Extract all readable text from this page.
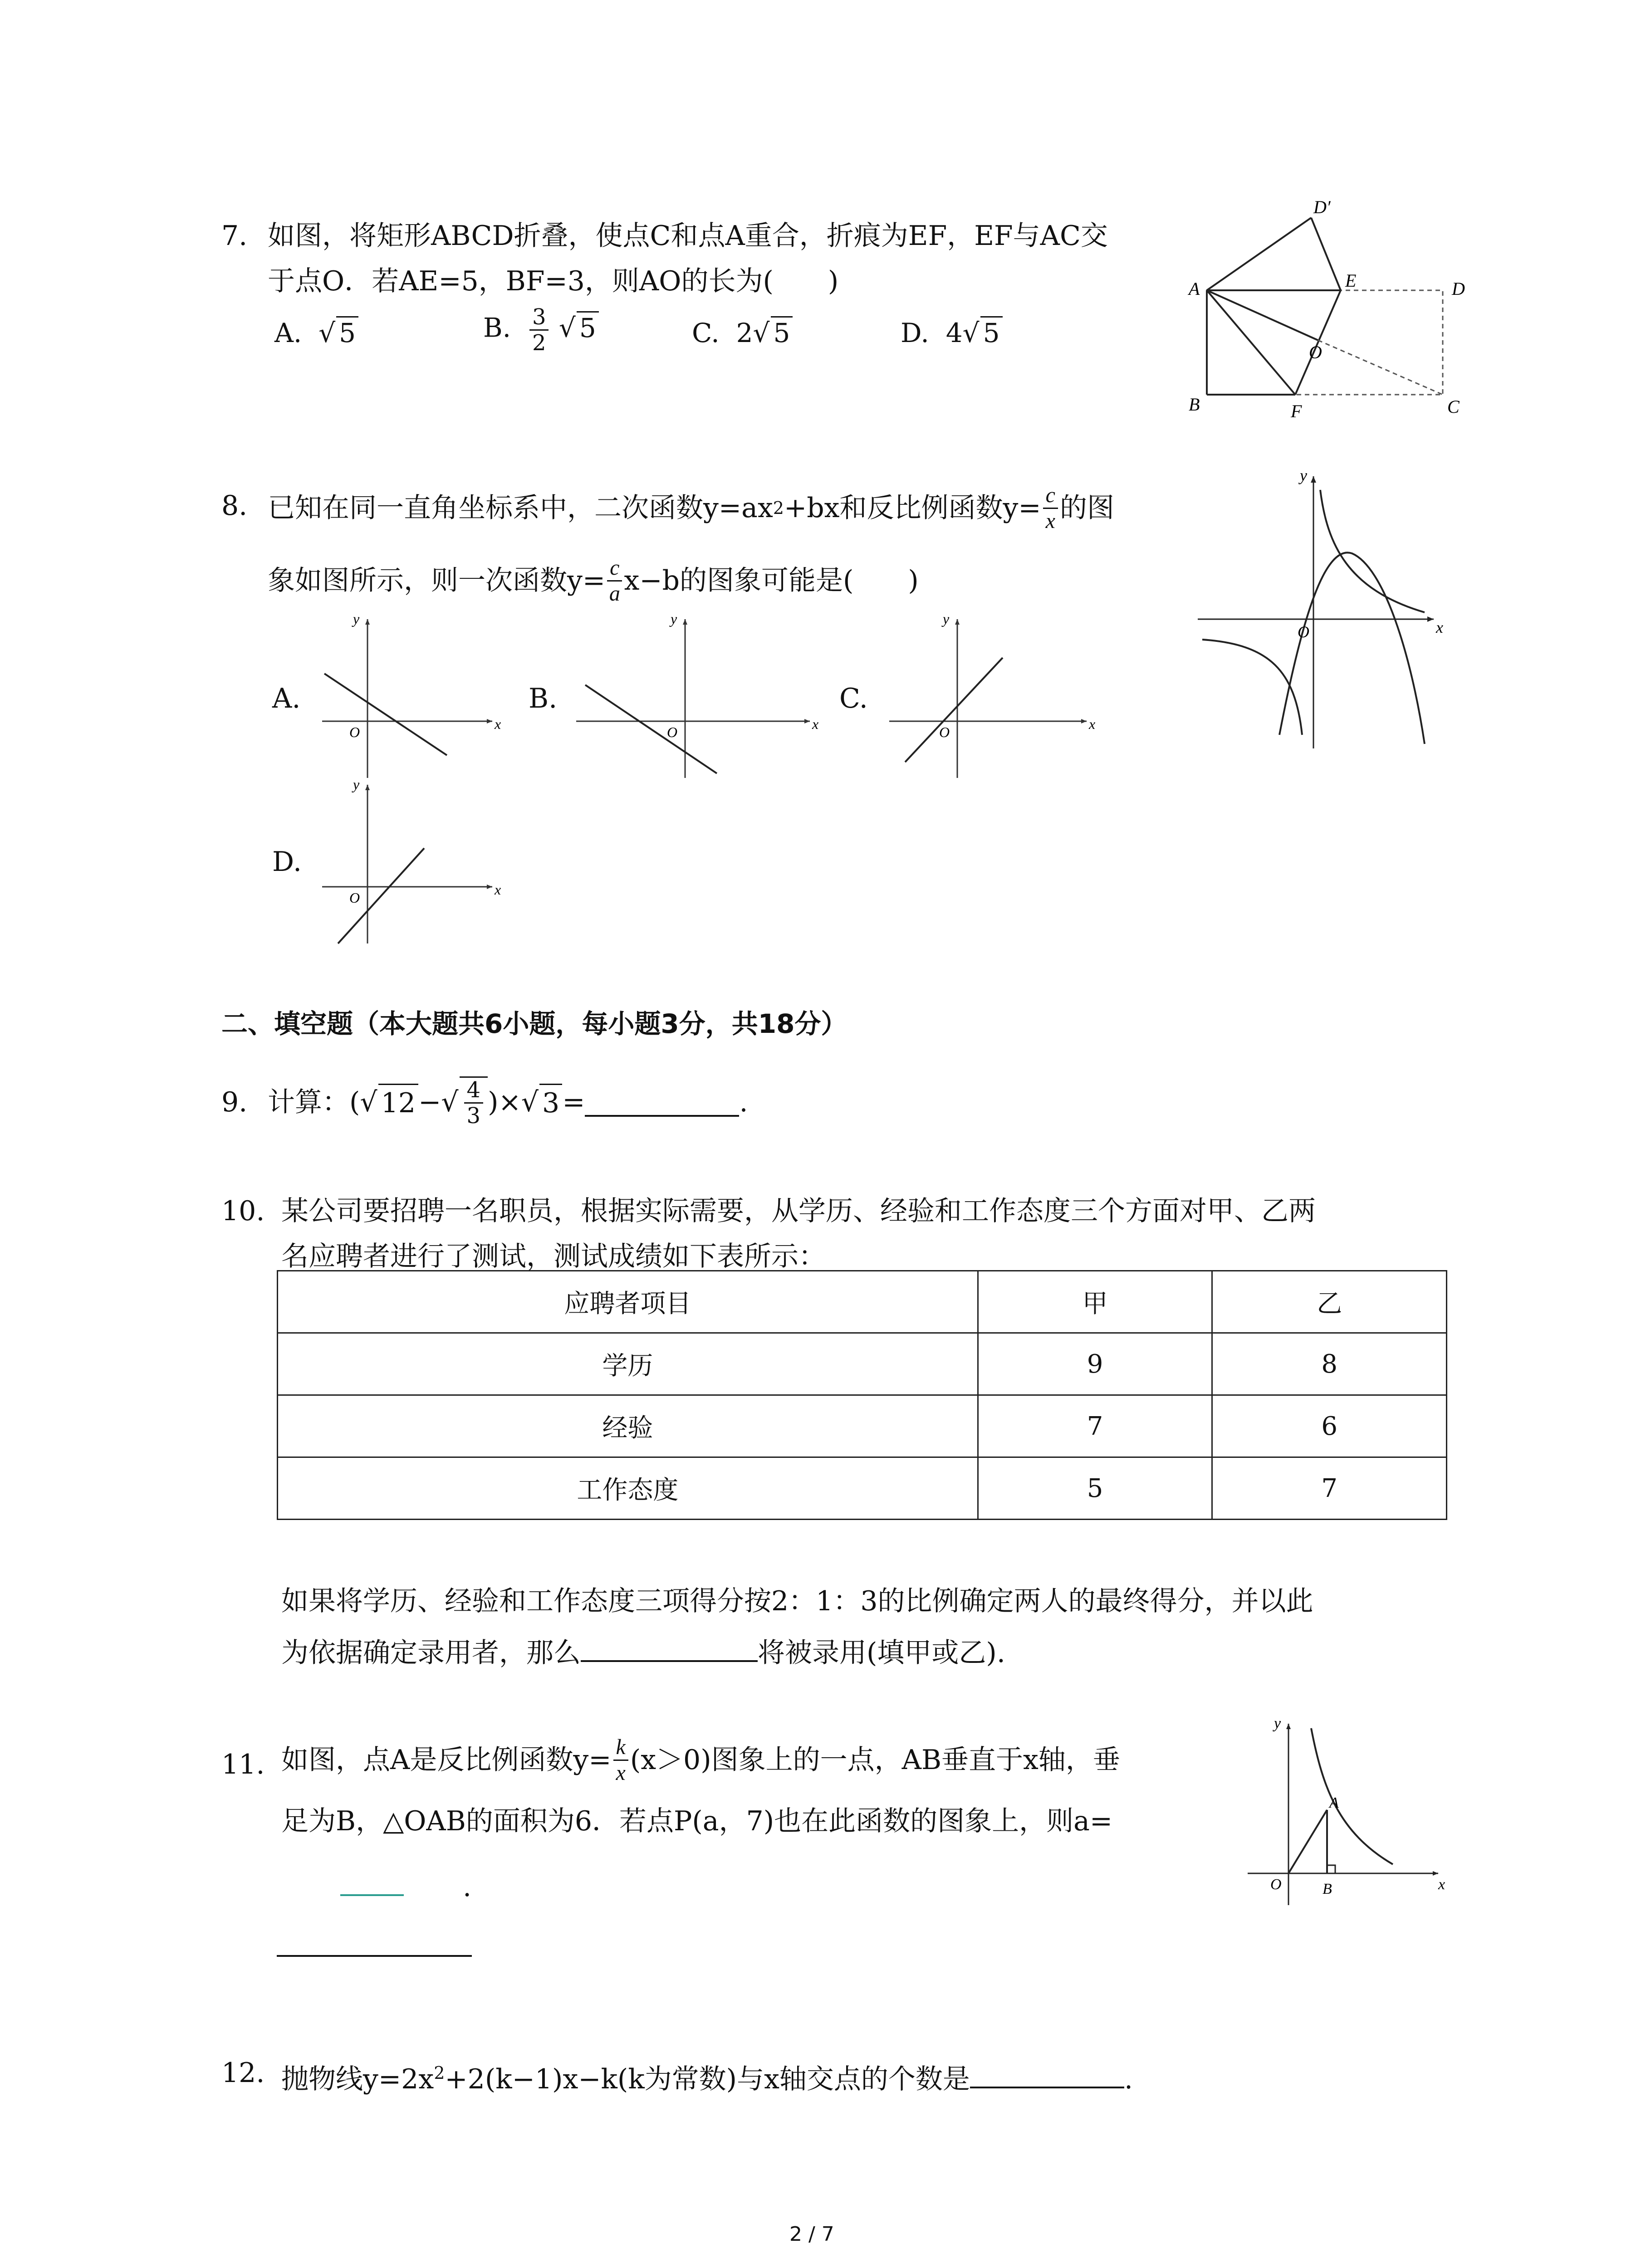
7. 如图，将矩形ABCD折叠，使点C和点A重合，折痕为EF，EF与AC交
于点O．若AE=5，BF=3，则AO的长为(　　)
A. √ 5	B. $\frac{3}{2}$ √ 5	C. 2√ 5	D. 4√ 5
D′
A	E	D
O
B	F	C
8. 已知在同一直角坐标系中，二次函数y=ax 2 +bx和反比例函数$y= \frac{c}{x}$ 的图
象如图所示，则一次函数$y= \frac{c}{a} x-b$的图象可能是(　　)
y
x
O
A.
y
x
O
B.
y
x
O
C.
y
x
O
D.
y
x
O
二、填空题（本大题共6小题，每小题3分，共18分）
9. 计算：( √ 12 − √ $\frac{4}{3}$ )× √ 3 =	.
10. 某公司要招聘一名职员，根据实际需要，从学历、经验和工作态度三个方面对甲、乙两
名应聘者进行了测试，测试成绩如下表所示：
应聘者项目	甲	乙
学历	9	8
经验	7	6
工作态度	5	7
如果将学历、经验和工作态度三项得分按2：1：3的比例确定两人的最终得分，并以此
为依据确定录用者，那么	将被录用(填甲或乙).
11. 如图，点A是反比例函数$y= \frac{k}{x} (x>0)$图象上的一点，AB垂直于x轴，垂
足为B，△OAB的面积为6．若点P(a，7)也在此函数的图象上，则a=
.
y
A
O	B	x
12. 抛物线$y=2x^2+2(k-1)x-k(k$为常数)与x轴交点的个数是	.
2 / 7
